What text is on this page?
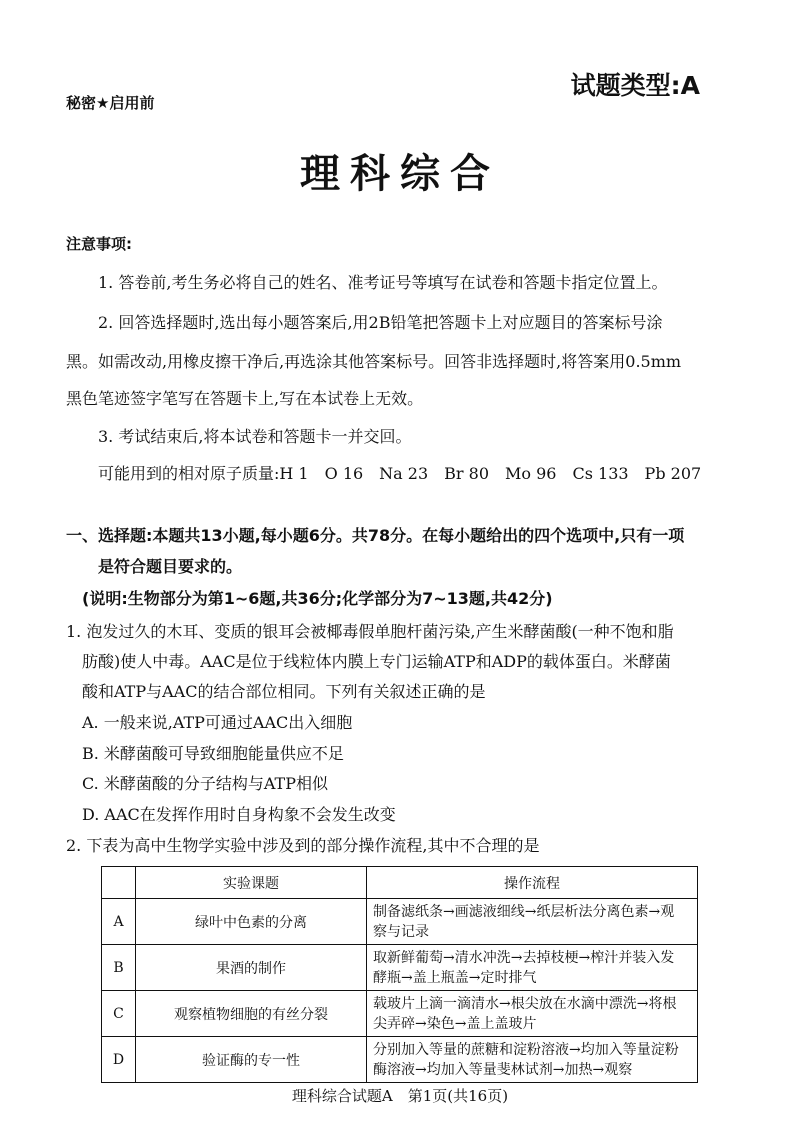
试题类型:A
秘密★启用前
理科综合
注意事项:
1. 答卷前,考生务必将自己的姓名、准考证号等填写在试卷和答题卡指定位置上。
2. 回答选择题时,选出每小题答案后,用2B铅笔把答题卡上对应题目的答案标号涂
黑。如需改动,用橡皮擦干净后,再选涂其他答案标号。回答非选择题时,将答案用0.5mm
黑色笔迹签字笔写在答题卡上,写在本试卷上无效。
3. 考试结束后,将本试卷和答题卡一并交回。
可能用到的相对原子质量:H 1　O 16　Na 23　Br 80　Mo 96　Cs 133　Pb 207
一、选择题:本题共13小题,每小题6分。共78分。在每小题给出的四个选项中,只有一项
是符合题目要求的。
(说明:生物部分为第1~6题,共36分;化学部分为7~13题,共42分)
1. 泡发过久的木耳、变质的银耳会被椰毒假单胞杆菌污染,产生米酵菌酸(一种不饱和脂
肪酸)使人中毒。AAC是位于线粒体内膜上专门运输ATP和ADP的载体蛋白。米酵菌
酸和ATP与AAC的结合部位相同。下列有关叙述正确的是
A. 一般来说,ATP可通过AAC出入细胞
B. 米酵菌酸可导致细胞能量供应不足
C. 米酵菌酸的分子结构与ATP相似
D. AAC在发挥作用时自身构象不会发生改变
2. 下表为高中生物学实验中涉及到的部分操作流程,其中不合理的是
	实验课题	操作流程
A	绿叶中色素的分离	制备滤纸条→画滤液细线→纸层析法分离色素→观
察与记录

B	果酒的制作	取新鲜葡萄→清水冲洗→去掉枝梗→榨汁并装入发
酵瓶→盖上瓶盖→定时排气

C	观察植物细胞的有丝分裂	载玻片上滴一滴清水→根尖放在水滴中漂洗→将根
尖弄碎→染色→盖上盖玻片

D	验证酶的专一性	分别加入等量的蔗糖和淀粉溶液→均加入等量淀粉
酶溶液→均加入等量斐林试剂→加热→观察
理科综合试题A　第1页(共16页)
